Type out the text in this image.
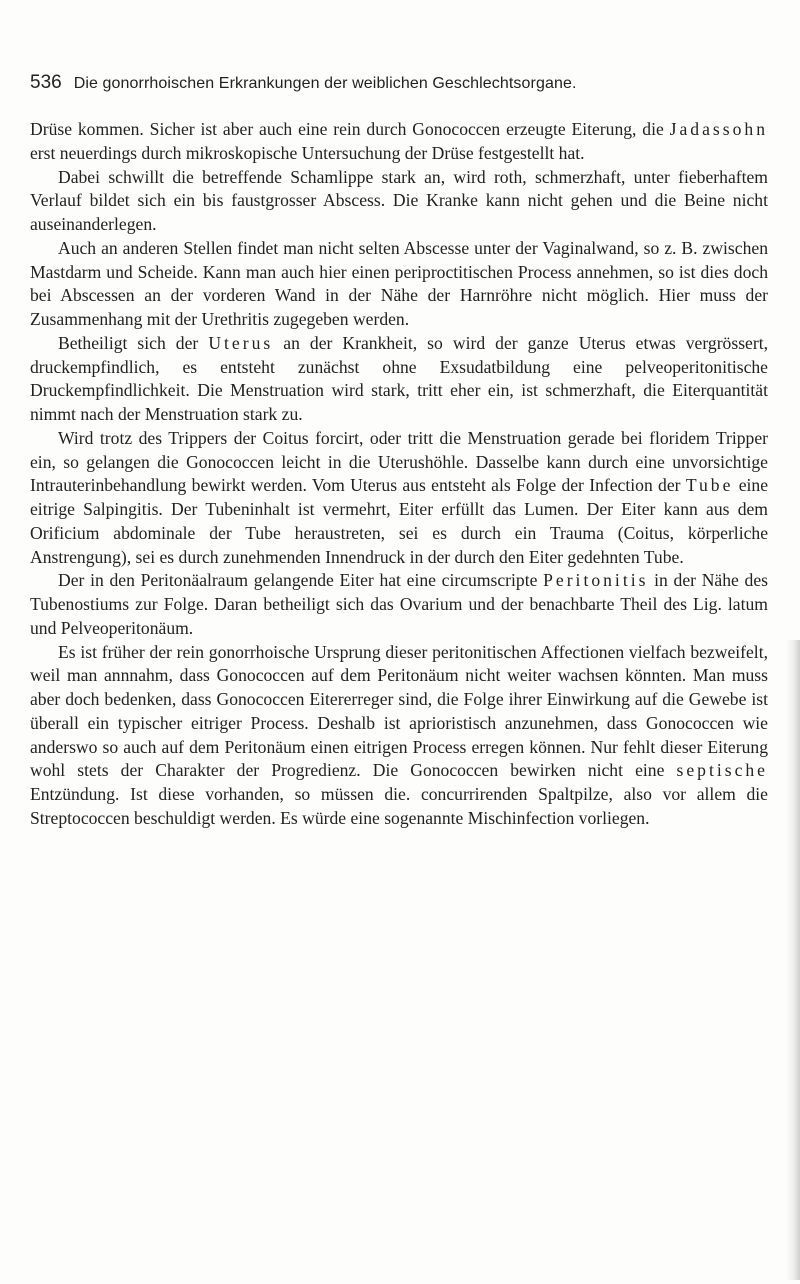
536 Die gonorrhoischen Erkrankungen der weiblichen Geschlechtsorgane.

Drüse kommen. Sicher ist aber auch eine rein durch Gonococcen erzeugte Eiterung, die Jadassohn erst neuerdings durch mikroskopische Untersuchung der Drüse festgestellt hat.

Dabei schwillt die betreffende Schamlippe stark an, wird roth, schmerzhaft, unter fieberhaftem Verlauf bildet sich ein bis faustgrosser Abscess. Die Kranke kann nicht gehen und die Beine nicht auseinanderlegen.

Auch an anderen Stellen findet man nicht selten Abscesse unter der Vaginalwand, so z. B. zwischen Mastdarm und Scheide. Kann man auch hier einen periproctitischen Process annehmen, so ist dies doch bei Abscessen an der vorderen Wand in der Nähe der Harnröhre nicht möglich. Hier muss der Zusammenhang mit der Urethritis zugegeben werden.

Betheiligt sich der Uterus an der Krankheit, so wird der ganze Uterus etwas vergrössert, druckempfindlich, es entsteht zunächst ohne Exsudatbildung eine pelveoperitonitische Druckempfindlichkeit. Die Menstruation wird stark, tritt eher ein, ist schmerzhaft, die Eiterquantität nimmt nach der Menstruation stark zu.

Wird trotz des Trippers der Coitus forcirt, oder tritt die Menstruation gerade bei floridem Tripper ein, so gelangen die Gonococcen leicht in die Uterushöhle. Dasselbe kann durch eine unvorsichtige Intrauterinbehandlung bewirkt werden. Vom Uterus aus entsteht als Folge der Infection der Tube eine eitrige Salpingitis. Der Tubeninhalt ist vermehrt, Eiter erfüllt das Lumen. Der Eiter kann aus dem Orificium abdominale der Tube heraustreten, sei es durch ein Trauma (Coitus, körperliche Anstrengung), sei es durch zunehmenden Innendruck in der durch den Eiter gedehnten Tube.

Der in den Peritonäalraum gelangende Eiter hat eine circumscripte Peritonitis in der Nähe des Tubenostiums zur Folge. Daran betheiligt sich das Ovarium und der benachbarte Theil des Lig. latum und Pelveoperitonäum.

Es ist früher der rein gonorrhoische Ursprung dieser peritonitischen Affectionen vielfach bezweifelt, weil man annnahm, dass Gonococcen auf dem Peritonäum nicht weiter wachsen könnten. Man muss aber doch bedenken, dass Gonococcen Eitererreger sind, die Folge ihrer Einwirkung auf die Gewebe ist überall ein typischer eitriger Process. Deshalb ist aprioristisch anzunehmen, dass Gonococcen wie anderswo so auch auf dem Peritonäum einen eitrigen Process erregen können. Nur fehlt dieser Eiterung wohl stets der Charakter der Progredienz. Die Gonococcen bewirken nicht eine septische Entzündung. Ist diese vorhanden, so müssen die. concurrirenden Spaltpilze, also vor allem die Streptococcen beschuldigt werden. Es würde eine sogenannte Mischinfection vorliegen.
